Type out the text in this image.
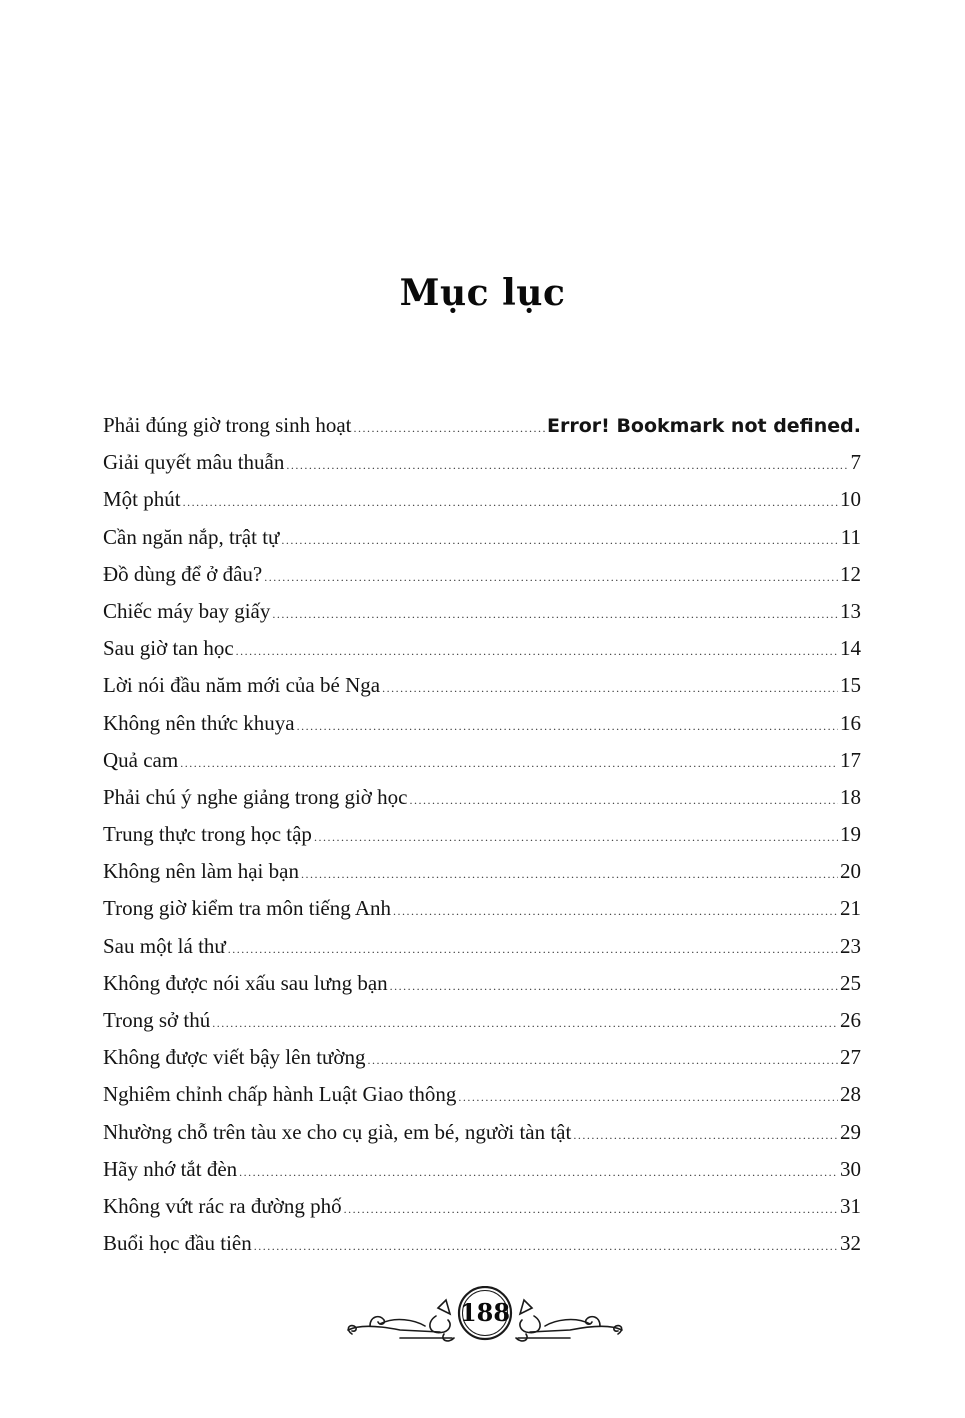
Mục lục
Phải đúng giờ trong sinh hoạt .....	Error! Bookmark not defined.
Giải quyết mâu thuẫn .....	7
Một phút .....	10
Cần ngăn nắp, trật tự .....	11
Đồ dùng để ở đâu? .....	12
Chiếc máy bay giấy .....	13
Sau giờ tan học .....	14
Lời nói đầu năm mới của bé Nga .....	15
Không nên thức khuya .....	16
Quả cam .....	17
Phải chú ý nghe giảng trong giờ học .....	18
Trung thực trong học tập .....	19
Không nên làm hại bạn .....	20
Trong giờ kiểm tra môn tiếng Anh .....	21
Sau một lá thư .....	23
Không được nói xấu sau lưng bạn .....	25
Trong sở thú .....	26
Không được viết bậy lên tường .....	27
Nghiêm chỉnh chấp hành Luật Giao thông .....	28
Nhường chỗ trên tàu xe cho cụ già, em bé, người tàn tật .....	29
Hãy nhớ tắt đèn .....	30
Không vứt rác ra đường phố .....	31
Buổi học đầu tiên .....	32
188
